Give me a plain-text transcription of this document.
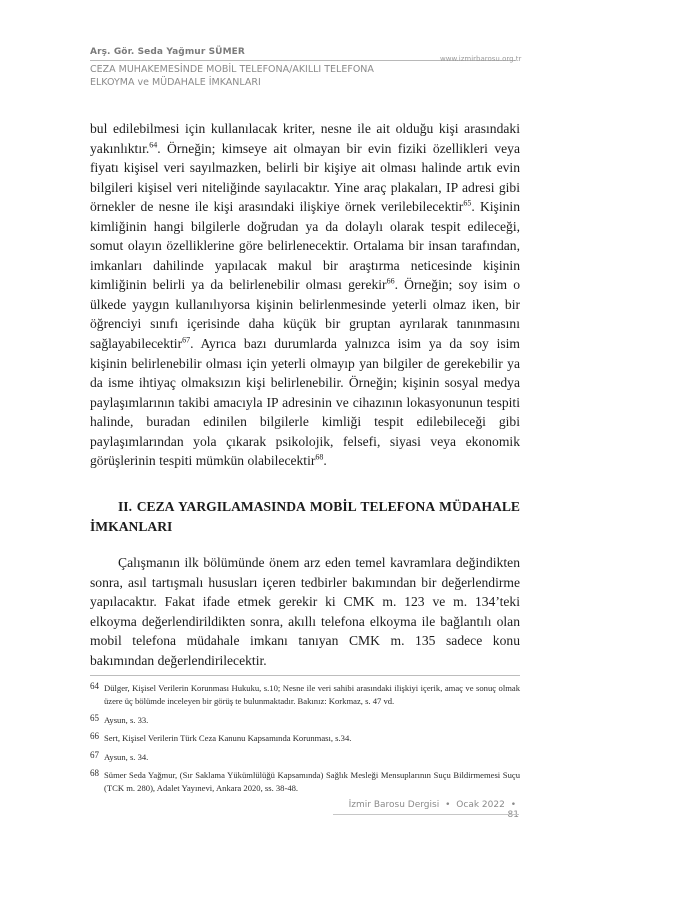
Arş. Gör. Seda Yağmur SÜMER
www.izmirbarosu.org.tr
CEZA MUHAKEMESİNDE MOBİL TELEFONA/AKILLI TELEFONA
ELKOYMA ve MÜDAHALE İMKANLARI

bul edilebilmesi için kullanılacak kriter, nesne ile ait olduğu kişi arasındaki yakınlıktır.$^{64}$. Örneğin; kimseye ait olmayan bir evin fiziki özellikleri veya fiyatı kişisel veri sayılmazken, belirli bir kişiye ait olması halinde artık evin bilgileri kişisel veri niteliğinde sayılacaktır. Yine araç plakaları, IP adresi gibi örnekler de nesne ile kişi arasındaki ilişkiye örnek verilebilecektir$^{65}$. Kişinin kimliğinin hangi bilgilerle doğrudan ya da dolaylı olarak tespit edileceği, somut olayın özelliklerine göre belirlenecektir. Ortalama bir insan tarafından, imkanları dahilinde yapılacak makul bir araştırma neticesinde kişinin kimliğinin belirli ya da belirlenebilir olması gerekir$^{66}$. Örneğin; soy isim o ülkede yaygın kullanılıyorsa kişinin belirlenmesinde yeterli olmaz iken, bir öğrenciyi sınıfı içerisinde daha küçük bir gruptan ayrılarak tanınmasını sağlayabilecektir$^{67}$. Ayrıca bazı durumlarda yalnızca isim ya da soy isim kişinin belirlenebilir olması için yeterli olmayıp yan bilgiler de gerekebilir ya da isme ihtiyaç olmaksızın kişi belirlenebilir. Örneğin; kişinin sosyal medya paylaşımlarının takibi amacıyla IP adresinin ve cihazının lokasyonunun tespiti halinde, buradan edinilen bilgilerle kimliği tespit edilebileceği gibi paylaşımlarından yola çıkarak psikolojik, felsefi, siyasi veya ekonomik görüşlerinin tespiti mümkün olabilecektir$^{68}$.

II. CEZA YARGILAMASINDA MOBİL TELEFONA MÜDAHALE İMKANLARI

Çalışmanın ilk bölümünde önem arz eden temel kavramlara değindikten sonra, asıl tartışmalı hususları içeren tedbirler bakımından bir değerlendirme yapılacaktır. Fakat ifade etmek gerekir ki CMK m. 123 ve m. 134’teki elkoyma değerlendirildikten sonra, akıllı telefona elkoyma ile bağlantılı olan mobil telefona müdahale imkanı tanıyan CMK m. 135 sadece konu bakımından değerlendirilecektir.

64 Dülger, Kişisel Verilerin Korunması Hukuku, s.10; Nesne ile veri sahibi arasındaki ilişkiyi içerik, amaç ve sonuç olmak üzere üç bölümde inceleyen bir görüş te bulunmaktadır. Bakınız: Korkmaz, s. 47 vd.
65 Aysun, s. 33.
66 Sert, Kişisel Verilerin Türk Ceza Kanunu Kapsamında Korunması, s.34.
67 Aysun, s. 34.
68 Sümer Seda Yağmur, (Sır Saklama Yükümlülüğü Kapsamında) Sağlık Mesleği Mensuplarının Suçu Bildirmemesi Suçu (TCK m. 280), Adalet Yayınevi, Ankara 2020, ss. 38-48.
İzmir Barosu Dergisi • Ocak 2022 • 81
